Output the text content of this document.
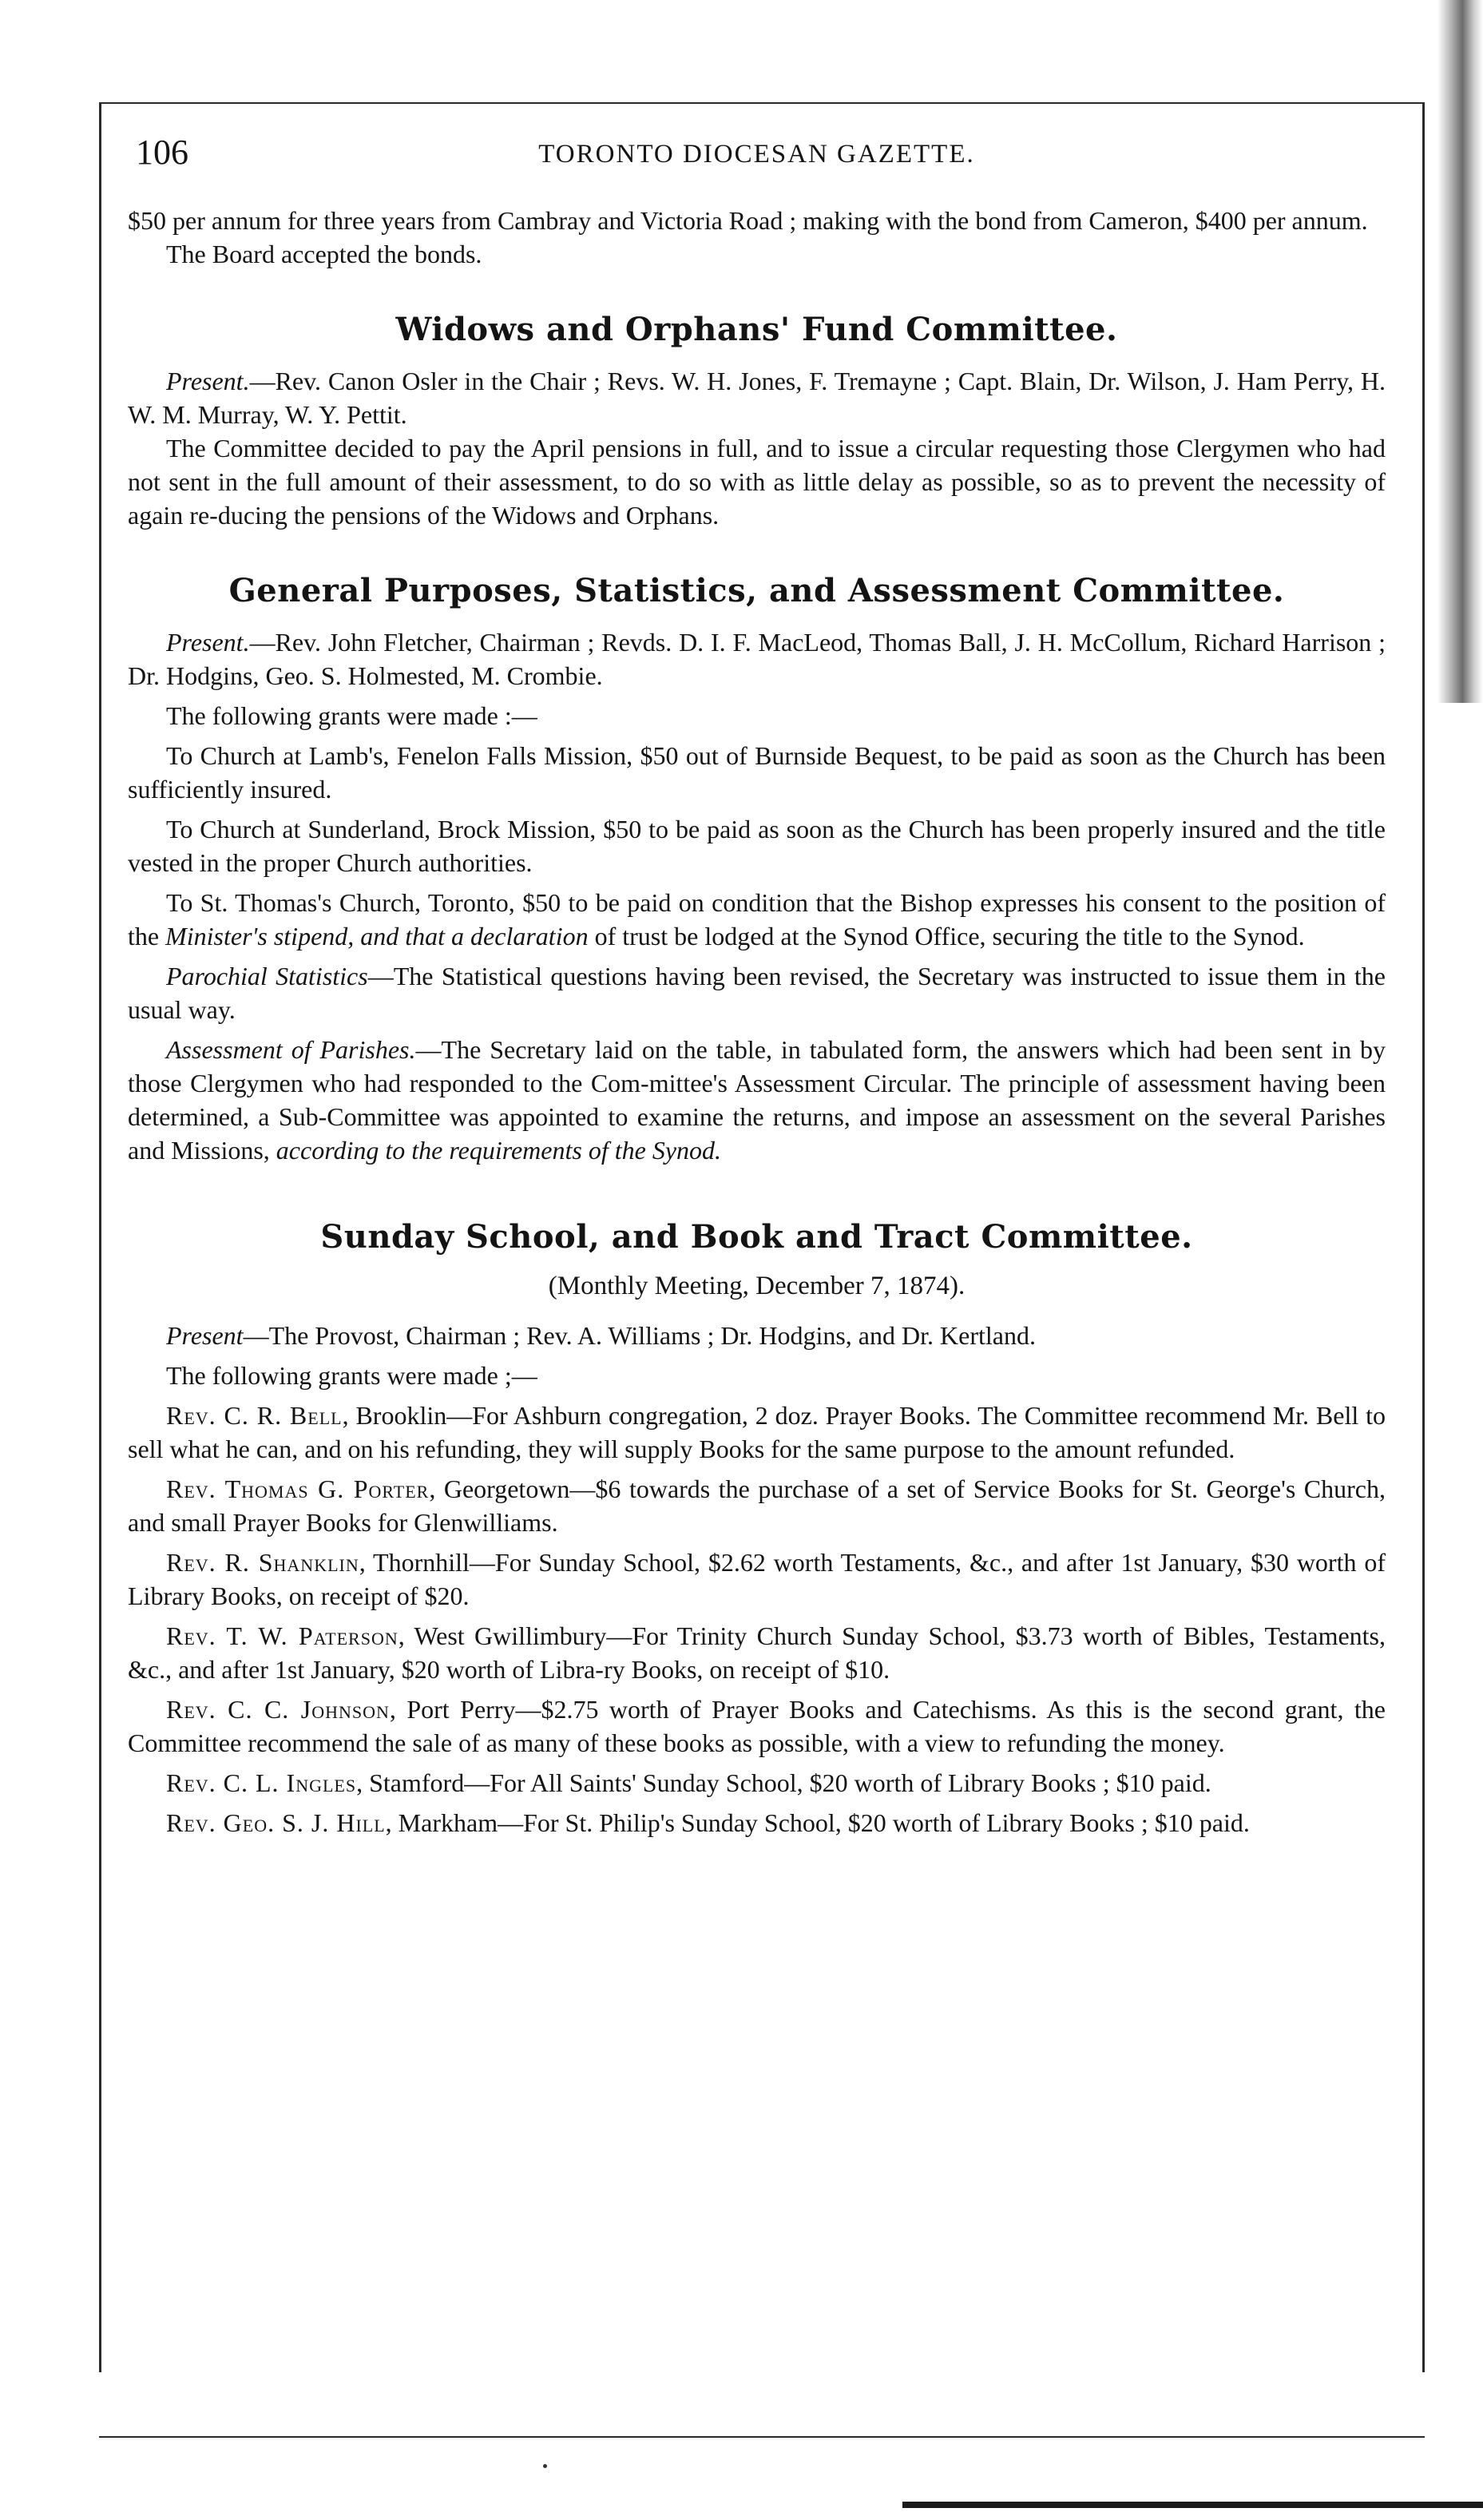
106	TORONTO DIOCESAN GAZETTE.

$50 per annum for three years from Cambray and Victoria Road ; making with the bond from Cameron, $400 per annum.

The Board accepted the bonds.

Widows and Orphans' Fund Committee.

Present.—Rev. Canon Osler in the Chair ; Revs. W. H. Jones, F. Tremayne ; Capt. Blain, Dr. Wilson, J. Ham Perry, H. W. M. Murray, W. Y. Pettit.

The Committee decided to pay the April pensions in full, and to issue a circular requesting those Clergymen who had not sent in the full amount of their assessment, to do so with as little delay as possible, so as to prevent the necessity of again re-ducing the pensions of the Widows and Orphans.

General Purposes, Statistics, and Assessment Committee.

Present.—Rev. John Fletcher, Chairman ; Revds. D. I. F. MacLeod, Thomas Ball, J. H. McCollum, Richard Harrison ; Dr. Hodgins, Geo. S. Holmested, M. Crombie.

The following grants were made :—

To Church at Lamb's, Fenelon Falls Mission, $50 out of Burnside Bequest, to be paid as soon as the Church has been sufficiently insured.

To Church at Sunderland, Brock Mission, $50 to be paid as soon as the Church has been properly insured and the title vested in the proper Church authorities.

To St. Thomas's Church, Toronto, $50 to be paid on condition that the Bishop expresses his consent to the position of the Minister's stipend, and that a declaration of trust be lodged at the Synod Office, securing the title to the Synod.

Parochial Statistics—The Statistical questions having been revised, the Secretary was instructed to issue them in the usual way.

Assessment of Parishes.—The Secretary laid on the table, in tabulated form, the answers which had been sent in by those Clergymen who had responded to the Com-mittee's Assessment Circular. The principle of assessment having been determined, a Sub-Committee was appointed to examine the returns, and impose an assessment on the several Parishes and Missions, according to the requirements of the Synod.

Sunday School, and Book and Tract Committee.
(Monthly Meeting, December 7, 1874).

Present—The Provost, Chairman ; Rev. A. Williams ; Dr. Hodgins, and Dr. Kertland.

The following grants were made ;—

Rev. C. R. Bell, Brooklin—For Ashburn congregation, 2 doz. Prayer Books. The Committee recommend Mr. Bell to sell what he can, and on his refunding, they will supply Books for the same purpose to the amount refunded.

Rev. Thomas G. Porter, Georgetown—$6 towards the purchase of a set of Service Books for St. George's Church, and small Prayer Books for Glenwilliams.

Rev. R. Shanklin, Thornhill—For Sunday School, $2.62 worth Testaments, &c., and after 1st January, $30 worth of Library Books, on receipt of $20.

Rev. T. W. Paterson, West Gwillimbury—For Trinity Church Sunday School, $3.73 worth of Bibles, Testaments, &c., and after 1st January, $20 worth of Libra-ry Books, on receipt of $10.

Rev. C. C. Johnson, Port Perry—$2.75 worth of Prayer Books and Catechisms. As this is the second grant, the Committee recommend the sale of as many of these books as possible, with a view to refunding the money.

Rev. C. L. Ingles, Stamford—For All Saints' Sunday School, $20 worth of Library Books ; $10 paid.

Rev. Geo. S. J. Hill, Markham—For St. Philip's Sunday School, $20 worth of Library Books ; $10 paid.
